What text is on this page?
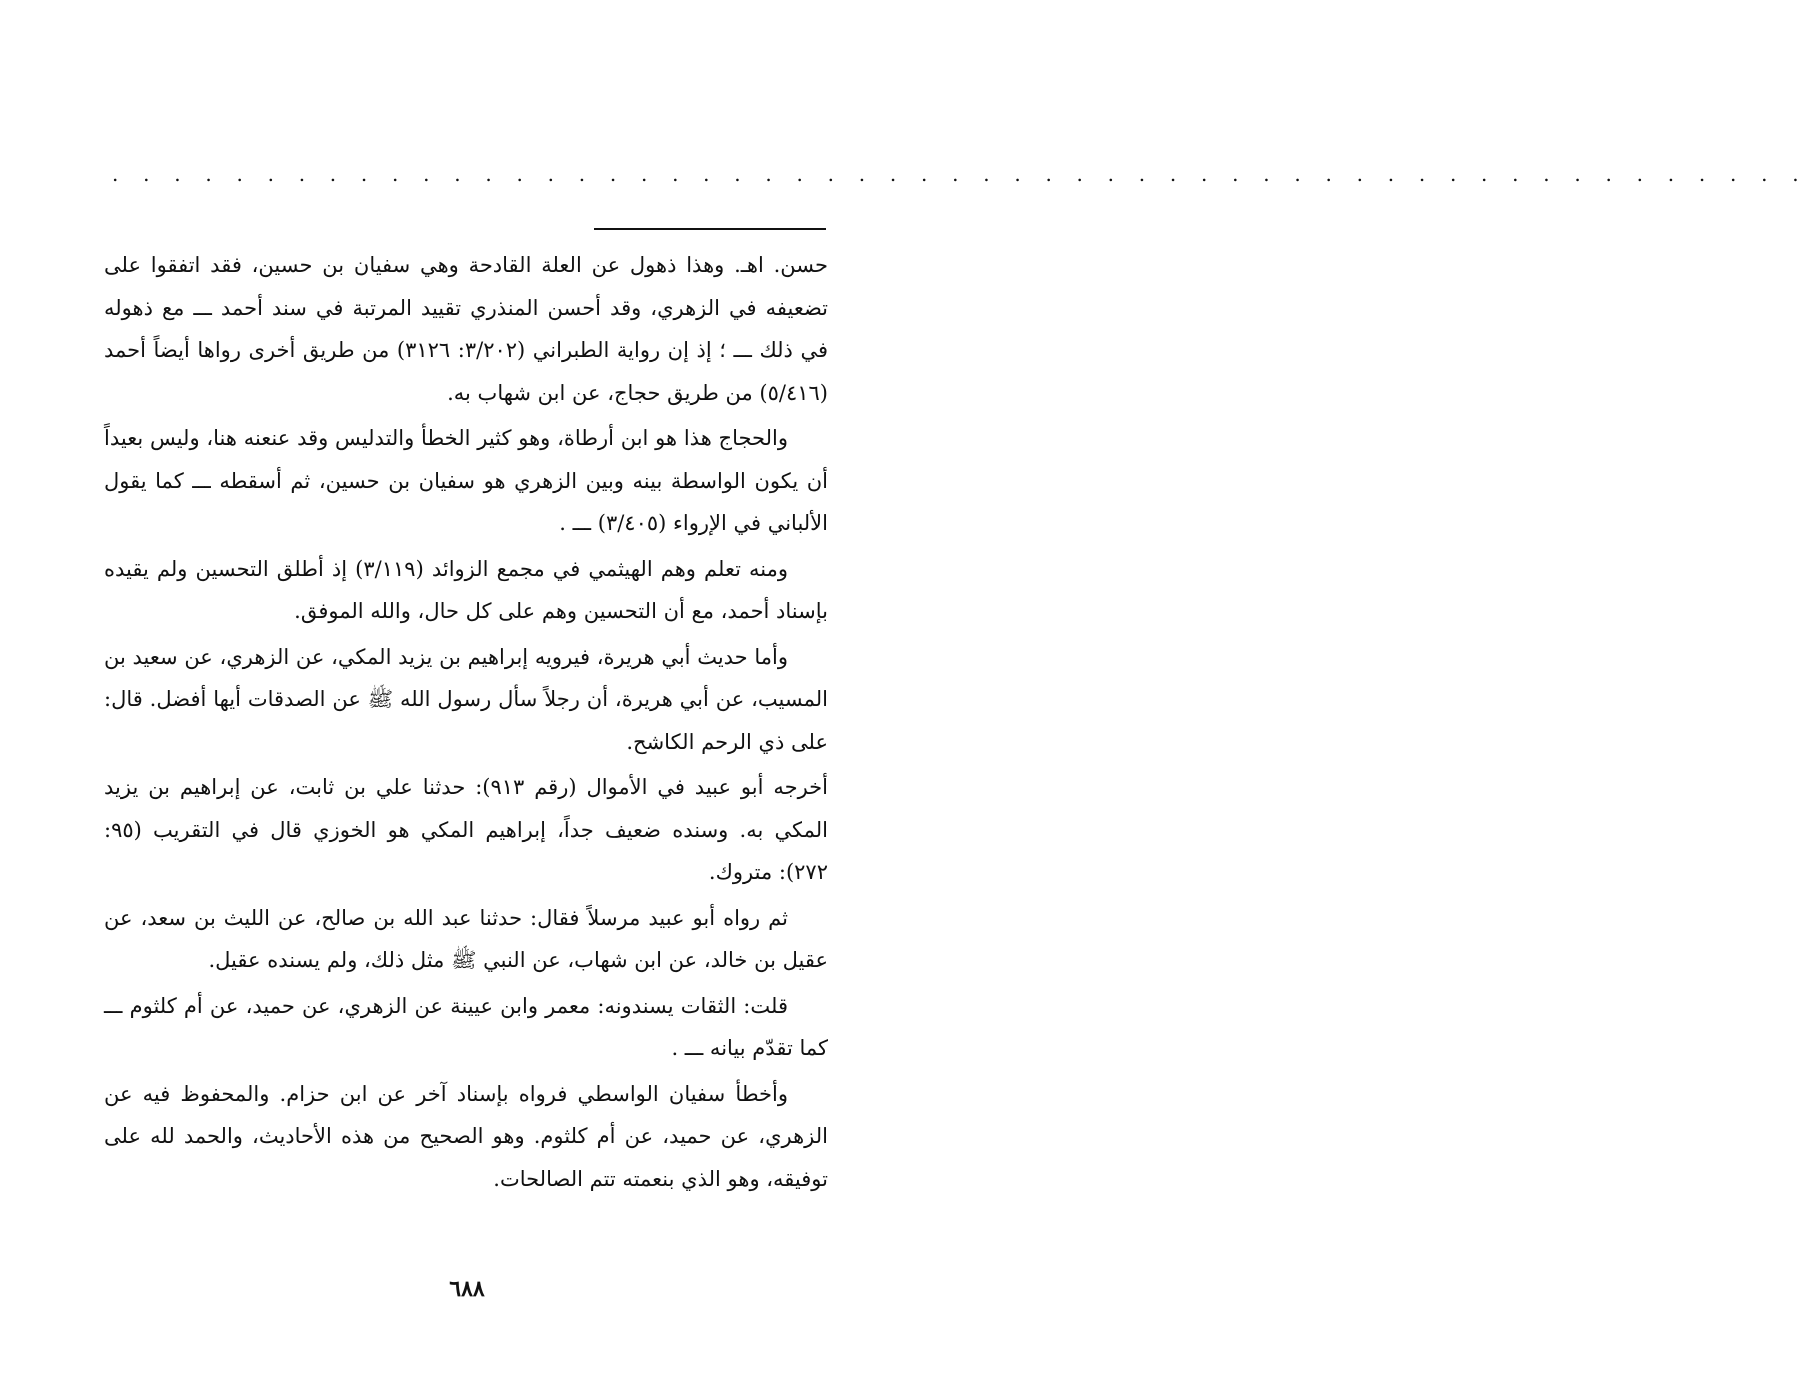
. . . . . . . . . . . . . . . . . . . . . . . . . . . . . . . . . . . . . . . . . . . . . . . . . . . . . . .

حسن. اهـ. وهذا ذهول عن العلة القادحة وهي سفيان بن حسين، فقد اتفقوا على تضعيفه في الزهري، وقد أحسن المنذري تقييد المرتبة في سند أحمد ـــ مع ذهوله في ذلك ـــ ؛ إذ إن رواية الطبراني (٣/٢٠٢: ٣١٢٦) من طريق أخرى رواها أيضاً أحمد (٥/٤١٦) من طريق حجاج، عن ابن شهاب به.

والحجاج هذا هو ابن أرطاة، وهو كثير الخطأ والتدليس وقد عنعنه هنا، وليس بعيداً أن يكون الواسطة بينه وبين الزهري هو سفيان بن حسين، ثم أسقطه ـــ كما يقول الألباني في الإرواء (٣/٤٠٥) ـــ .

ومنه تعلم وهم الهيثمي في مجمع الزوائد (٣/١١٩) إذ أطلق التحسين ولم يقيده بإسناد أحمد، مع أن التحسين وهم على كل حال، والله الموفق.

وأما حديث أبي هريرة، فيرويه إبراهيم بن يزيد المكي، عن الزهري، عن سعيد بن المسيب، عن أبي هريرة، أن رجلاً سأل رسول الله ﷺ عن الصدقات أيها أفضل. قال: على ذي الرحم الكاشح.

أخرجه أبو عبيد في الأموال (رقم ٩١٣): حدثنا علي بن ثابت، عن إبراهيم بن يزيد المكي به. وسنده ضعيف جداً، إبراهيم المكي هو الخوزي قال في التقريب (٩٥: ٢٧٢): متروك.

ثم رواه أبو عبيد مرسلاً فقال: حدثنا عبد الله بن صالح، عن الليث بن سعد، عن عقيل بن خالد، عن ابن شهاب، عن النبي ﷺ مثل ذلك، ولم يسنده عقيل.

قلت: الثقات يسندونه: معمر وابن عيينة عن الزهري، عن حميد، عن أم كلثوم ـــ كما تقدّم بيانه ـــ .

وأخطأ سفيان الواسطي فرواه بإسناد آخر عن ابن حزام. والمحفوظ فيه عن الزهري، عن حميد، عن أم كلثوم. وهو الصحيح من هذه الأحاديث، والحمد لله على توفيقه، وهو الذي بنعمته تتم الصالحات.

٦٨٨
